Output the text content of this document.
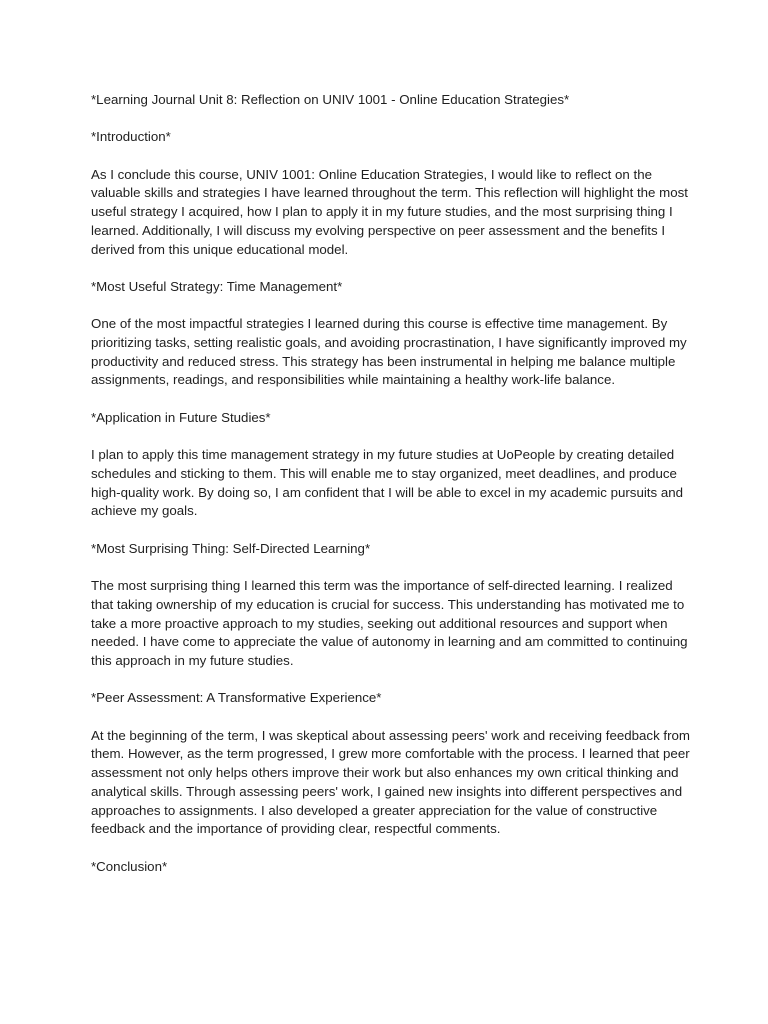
*Learning Journal Unit 8: Reflection on UNIV 1001 - Online Education Strategies*

*Introduction*

As I conclude this course, UNIV 1001: Online Education Strategies, I would like to reflect on the valuable skills and strategies I have learned throughout the term. This reflection will highlight the most useful strategy I acquired, how I plan to apply it in my future studies, and the most surprising thing I learned. Additionally, I will discuss my evolving perspective on peer assessment and the benefits I derived from this unique educational model.

*Most Useful Strategy: Time Management*

One of the most impactful strategies I learned during this course is effective time management. By prioritizing tasks, setting realistic goals, and avoiding procrastination, I have significantly improved my productivity and reduced stress. This strategy has been instrumental in helping me balance multiple assignments, readings, and responsibilities while maintaining a healthy work-life balance.

*Application in Future Studies*

I plan to apply this time management strategy in my future studies at UoPeople by creating detailed schedules and sticking to them. This will enable me to stay organized, meet deadlines, and produce high-quality work. By doing so, I am confident that I will be able to excel in my academic pursuits and achieve my goals.

*Most Surprising Thing: Self-Directed Learning*

The most surprising thing I learned this term was the importance of self-directed learning. I realized that taking ownership of my education is crucial for success. This understanding has motivated me to take a more proactive approach to my studies, seeking out additional resources and support when needed. I have come to appreciate the value of autonomy in learning and am committed to continuing this approach in my future studies.

*Peer Assessment: A Transformative Experience*

At the beginning of the term, I was skeptical about assessing peers' work and receiving feedback from them. However, as the term progressed, I grew more comfortable with the process. I learned that peer assessment not only helps others improve their work but also enhances my own critical thinking and analytical skills. Through assessing peers' work, I gained new insights into different perspectives and approaches to assignments. I also developed a greater appreciation for the value of constructive feedback and the importance of providing clear, respectful comments.

*Conclusion*
